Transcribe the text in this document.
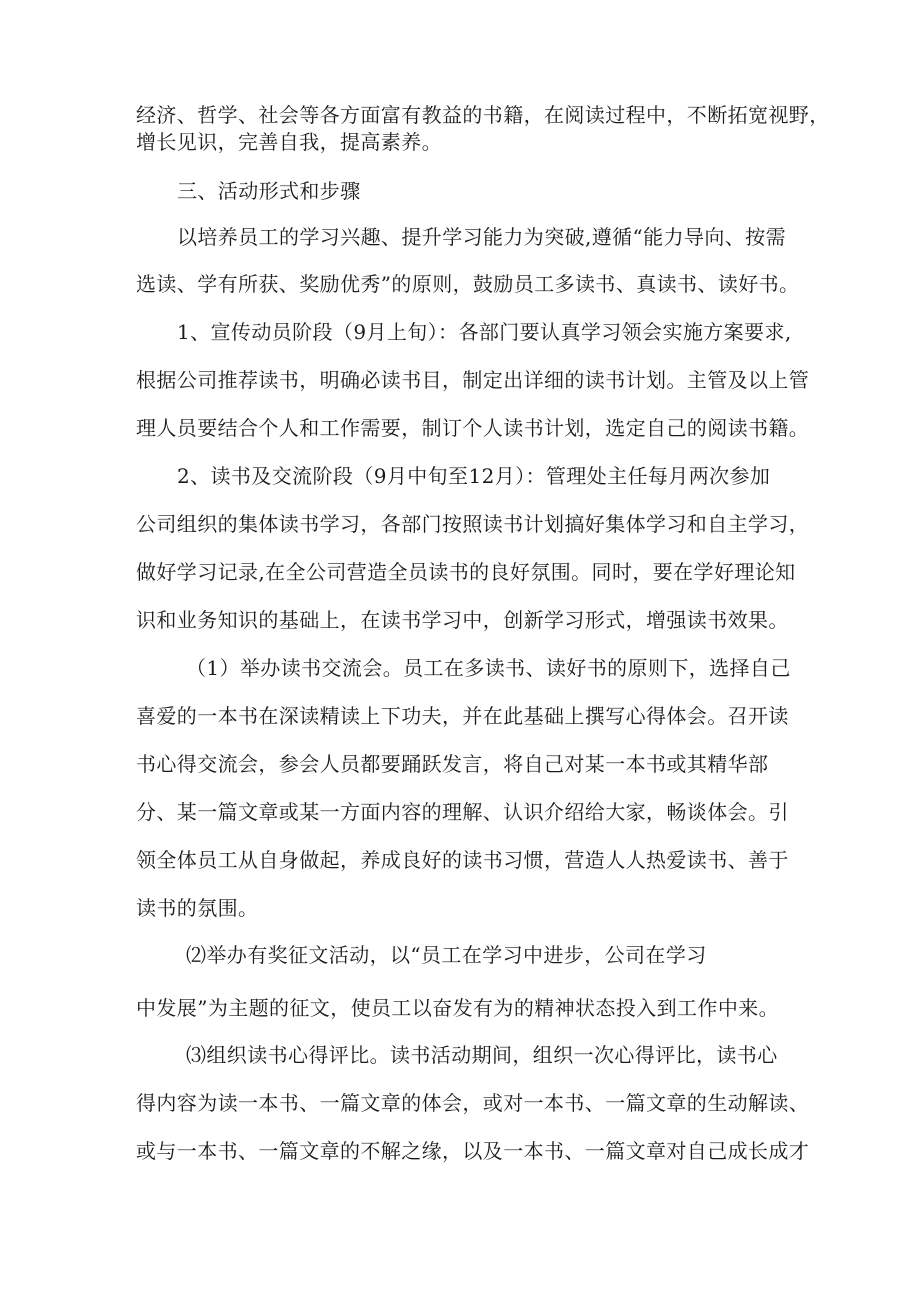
经济、哲学、社会等各方面富有教益的书籍，在阅读过程中，不断拓宽视野，
增长见识，完善自我，提高素养。
三、活动形式和步骤
以培养员工的学习兴趣、提升学习能力为突破,遵循“能力导向、按需
选读、学有所获、奖励优秀”的原则，鼓励员工多读书、真读书、读好书。
1、宣传动员阶段（9月上旬）：各部门要认真学习领会实施方案要求,
根据公司推荐读书，明确必读书目，制定出详细的读书计划。主管及以上管
理人员要结合个人和工作需要，制订个人读书计划，选定自己的阅读书籍。
2、读书及交流阶段（9月中旬至12月）：管理处主任每月两次参加
公司组织的集体读书学习，各部门按照读书计划搞好集体学习和自主学习，
做好学习记录,在全公司营造全员读书的良好氛围。同时，要在学好理论知
识和业务知识的基础上，在读书学习中，创新学习形式，增强读书效果。
（1）举办读书交流会。员工在多读书、读好书的原则下，选择自己
喜爱的一本书在深读精读上下功夫，并在此基础上撰写心得体会。召开读
书心得交流会，参会人员都要踊跃发言，将自己对某一本书或其精华部
分、某一篇文章或某一方面内容的理解、认识介绍给大家，畅谈体会。引
领全体员工从自身做起，养成良好的读书习惯，营造人人热爱读书、善于
读书的氛围。
⑵举办有奖征文活动，以“员工在学习中进步，公司在学习
中发展”为主题的征文，使员工以奋发有为的精神状态投入到工作中来。
⑶组织读书心得评比。读书活动期间，组织一次心得评比，读书心
得内容为读一本书、一篇文章的体会，或对一本书、一篇文章的生动解读、
或与一本书、一篇文章的不解之缘，以及一本书、一篇文章对自己成长成才
